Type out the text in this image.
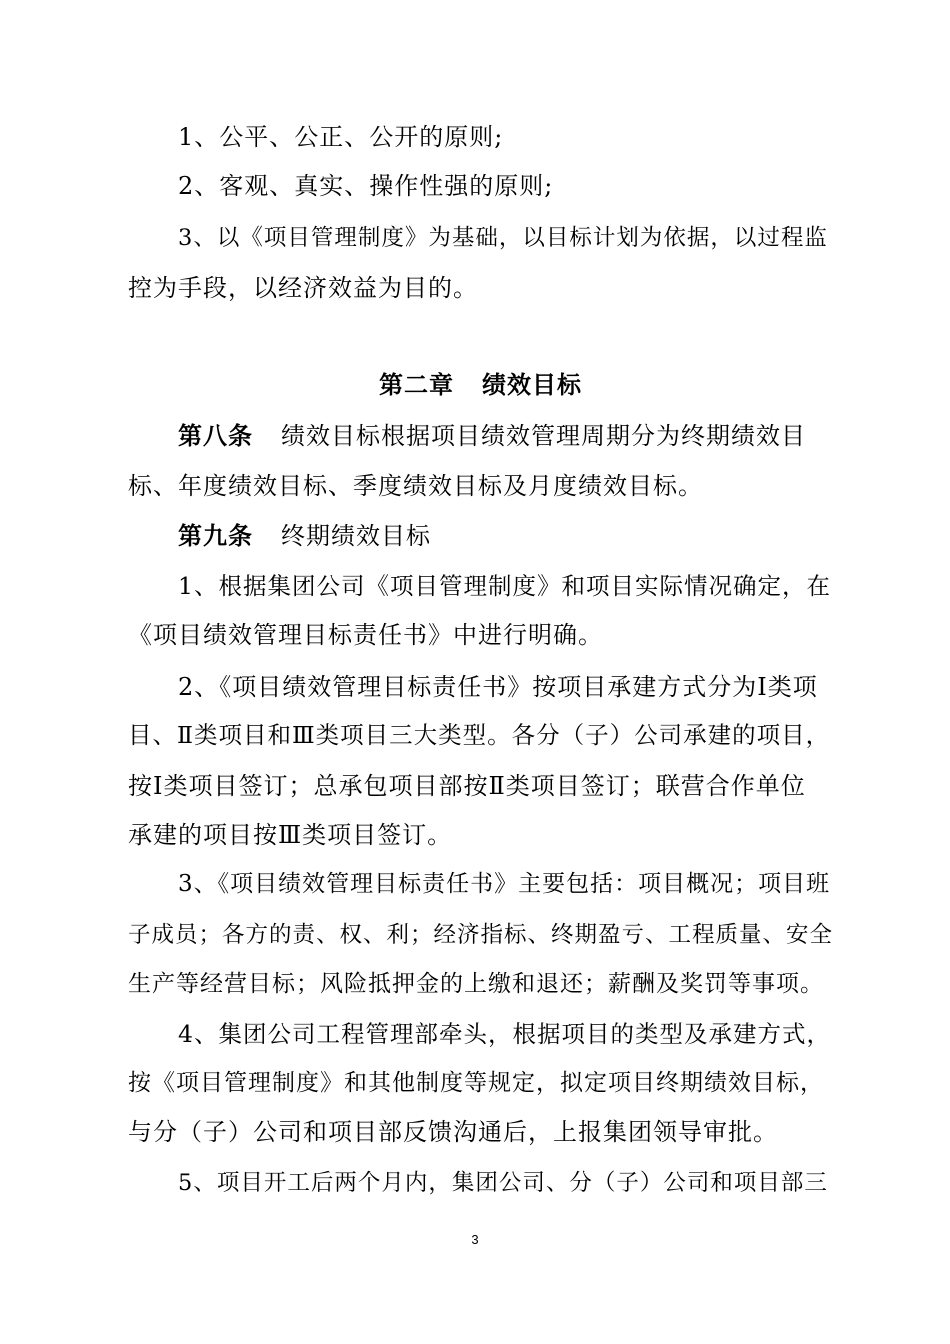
1、公平、公正、公开的原则;
2、客观、真实、操作性强的原则;
3、以《项目管理制度》为基础，以目标计划为依据，以过程监
控为手段，以经济效益为目的。
第二章 绩效目标
第八条 绩效目标根据项目绩效管理周期分为终期绩效目
标、年度绩效目标、季度绩效目标及月度绩效目标。
第九条 终期绩效目标
1、根据集团公司《项目管理制度》和项目实际情况确定，在
《项目绩效管理目标责任书》中进行明确。
2、《项目绩效管理目标责任书》按项目承建方式分为Ⅰ类项
目、Ⅱ类项目和Ⅲ类项目三大类型。各分（子）公司承建的项目，
按Ⅰ类项目签订；总承包项目部按Ⅱ类项目签订；联营合作单位
承建的项目按Ⅲ类项目签订。
3、《项目绩效管理目标责任书》主要包括：项目概况；项目班
子成员；各方的责、权、利；经济指标、终期盈亏、工程质量、安全
生产等经营目标；风险抵押金的上缴和退还；薪酬及奖罚等事项。
4、集团公司工程管理部牵头，根据项目的类型及承建方式，
按《项目管理制度》和其他制度等规定，拟定项目终期绩效目标，
与分（子）公司和项目部反馈沟通后，上报集团领导审批。
5、项目开工后两个月内，集团公司、分（子）公司和项目部三
3
